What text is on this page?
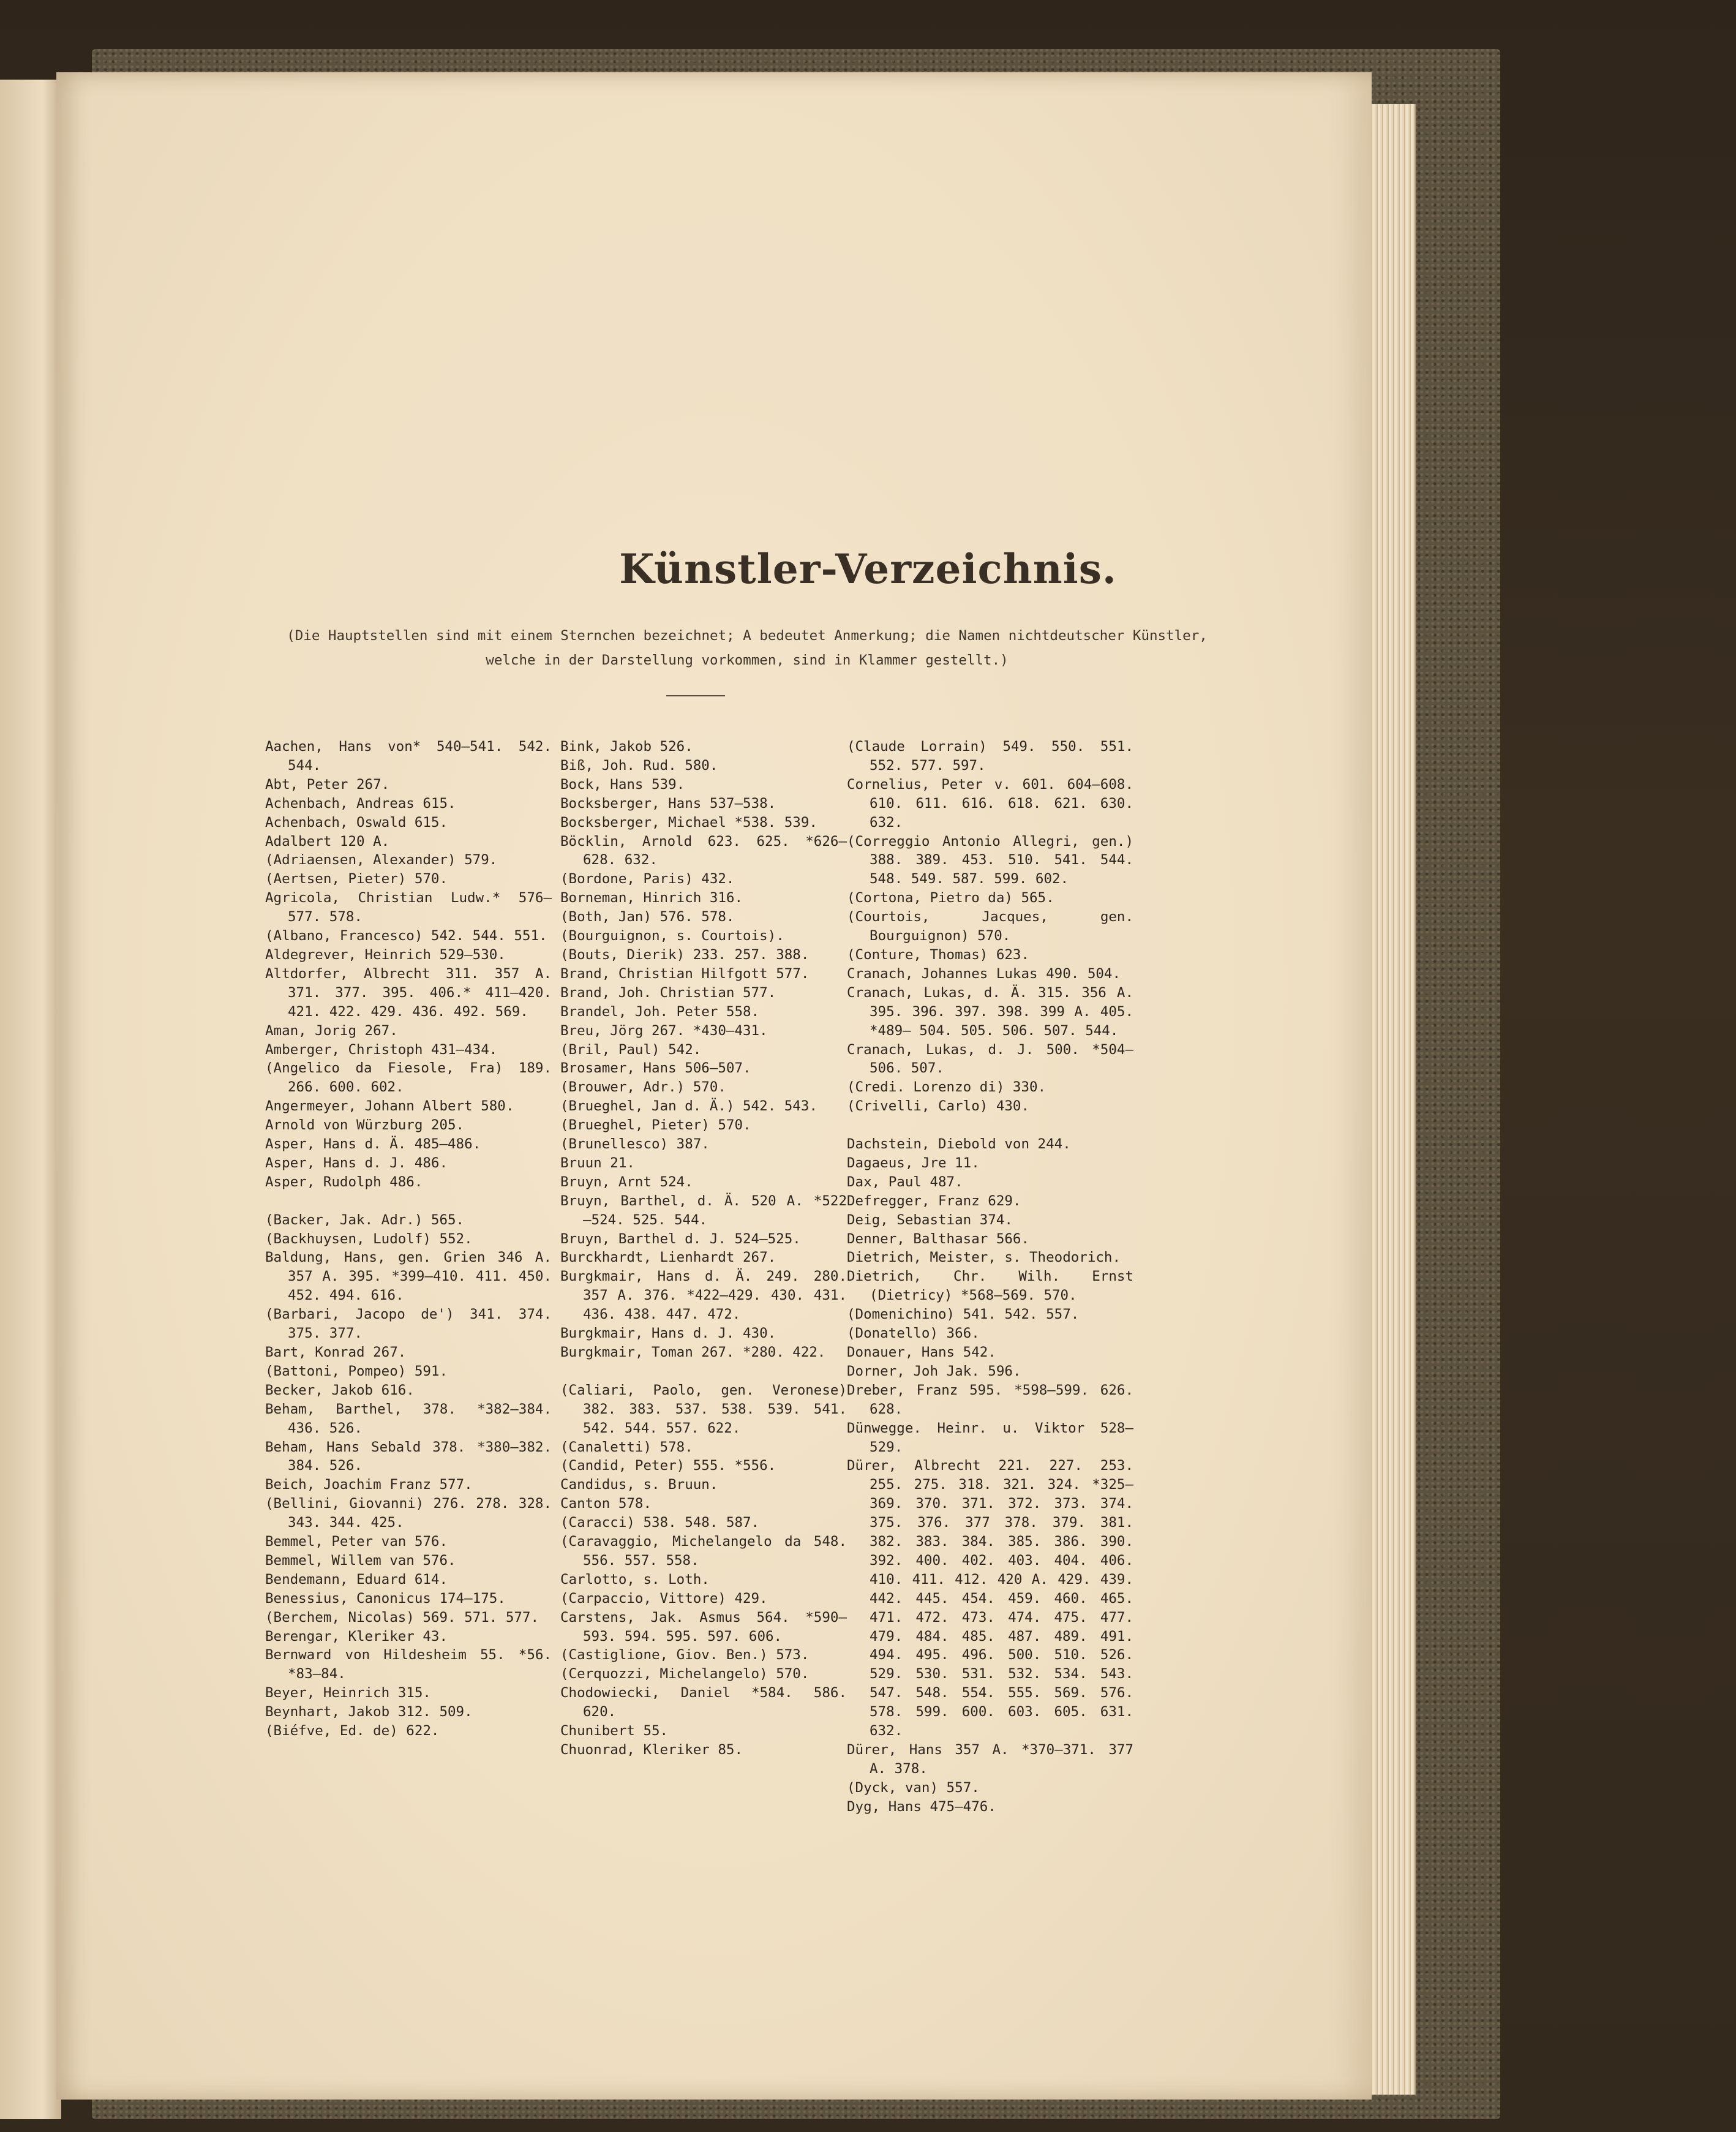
Künstler-Verzeichnis.
(Die Hauptstellen sind mit einem Sternchen bezeichnet; A bedeutet Anmerkung; die Namen nichtdeutscher Künstler,
welche in der Darstellung vorkommen, sind in Klammer gestellt.)
Aachen, Hans von* 540—541. 542. 544.
Abt, Peter 267.
Achenbach, Andreas 615.
Achenbach, Oswald 615.
Adalbert 120 A.
(Adriaensen, Alexander) 579.
(Aertsen, Pieter) 570.
Agricola, Christian Ludw.* 576—577. 578.
(Albano, Francesco) 542. 544. 551.
Aldegrever, Heinrich 529—530.
Altdorfer, Albrecht 311. 357 A. 371. 377. 395. 406.* 411—420. 421. 422. 429. 436. 492. 569.
Aman, Jorig 267.
Amberger, Christoph 431—434.
(Angelico da Fiesole, Fra) 189. 266. 600. 602.
Angermeyer, Johann Albert 580.
Arnold von Würzburg 205.
Asper, Hans d. Ä. 485—486.
Asper, Hans d. J. 486.
Asper, Rudolph 486.
(Backer, Jak. Adr.) 565.
(Backhuysen, Ludolf) 552.
Baldung, Hans, gen. Grien 346 A. 357 A. 395. *399—410. 411. 450. 452. 494. 616.
(Barbari, Jacopo de') 341. 374. 375. 377.
Bart, Konrad 267.
(Battoni, Pompeo) 591.
Becker, Jakob 616.
Beham, Barthel, 378. *382—384. 436. 526.
Beham, Hans Sebald 378. *380—382. 384. 526.
Beich, Joachim Franz 577.
(Bellini, Giovanni) 276. 278. 328. 343. 344. 425.
Bemmel, Peter van 576.
Bemmel, Willem van 576.
Bendemann, Eduard 614.
Benessius, Canonicus 174—175.
(Berchem, Nicolas) 569. 571. 577.
Berengar, Kleriker 43.
Bernward von Hildesheim 55. *56. *83—84.
Beyer, Heinrich 315.
Beynhart, Jakob 312. 509.
(Biéfve, Ed. de) 622.
Bink, Jakob 526.
Biß, Joh. Rud. 580.
Bock, Hans 539.
Bocksberger, Hans 537—538.
Bocksberger, Michael *538. 539.
Böcklin, Arnold 623. 625. *626—628. 632.
(Bordone, Paris) 432.
Borneman, Hinrich 316.
(Both, Jan) 576. 578.
(Bourguignon, s. Courtois).
(Bouts, Dierik) 233. 257. 388.
Brand, Christian Hilfgott 577.
Brand, Joh. Christian 577.
Brandel, Joh. Peter 558.
Breu, Jörg 267. *430—431.
(Bril, Paul) 542.
Brosamer, Hans 506—507.
(Brouwer, Adr.) 570.
(Brueghel, Jan d. Ä.) 542. 543.
(Brueghel, Pieter) 570.
(Brunellesco) 387.
Bruun 21.
Bruyn, Arnt 524.
Bruyn, Barthel, d. Ä. 520 A. *522 —524. 525. 544.
Bruyn, Barthel d. J. 524—525.
Burckhardt, Lienhardt 267.
Burgkmair, Hans d. Ä. 249. 280. 357 A. 376. *422—429. 430. 431. 436. 438. 447. 472.
Burgkmair, Hans d. J. 430.
Burgkmair, Toman 267. *280. 422.
(Caliari, Paolo, gen. Veronese) 382. 383. 537. 538. 539. 541. 542. 544. 557. 622.
(Canaletti) 578.
(Candid, Peter) 555. *556.
Candidus, s. Bruun.
Canton 578.
(Caracci) 538. 548. 587.
(Caravaggio, Michelangelo da 548. 556. 557. 558.
Carlotto, s. Loth.
(Carpaccio, Vittore) 429.
Carstens, Jak. Asmus 564. *590—593. 594. 595. 597. 606.
(Castiglione, Giov. Ben.) 573.
(Cerquozzi, Michelangelo) 570.
Chodowiecki, Daniel *584. 586. 620.
Chunibert 55.
Chuonrad, Kleriker 85.
(Claude Lorrain) 549. 550. 551. 552. 577. 597.
Cornelius, Peter v. 601. 604—608. 610. 611. 616. 618. 621. 630. 632.
(Correggio Antonio Allegri, gen.) 388. 389. 453. 510. 541. 544. 548. 549. 587. 599. 602.
(Cortona, Pietro da) 565.
(Courtois, Jacques, gen. Bourguignon) 570.
(Conture, Thomas) 623.
Cranach, Johannes Lukas 490. 504.
Cranach, Lukas, d. Ä. 315. 356 A. 395. 396. 397. 398. 399 A. 405. *489— 504. 505. 506. 507. 544.
Cranach, Lukas, d. J. 500. *504—506. 507.
(Credi. Lorenzo di) 330.
(Crivelli, Carlo) 430.
Dachstein, Diebold von 244.
Dagaeus, Jre 11.
Dax, Paul 487.
Defregger, Franz 629.
Deig, Sebastian 374.
Denner, Balthasar 566.
Dietrich, Meister, s. Theodorich.
Dietrich, Chr. Wilh. Ernst (Dietricy) *568—569. 570.
(Domenichino) 541. 542. 557.
(Donatello) 366.
Donauer, Hans 542.
Dorner, Joh Jak. 596.
Dreber, Franz 595. *598—599. 626. 628.
Dünwegge. Heinr. u. Viktor 528—529.
Dürer, Albrecht 221. 227. 253. 255. 275. 318. 321. 324. *325—369. 370. 371. 372. 373. 374. 375. 376. 377 378. 379. 381. 382. 383. 384. 385. 386. 390. 392. 400. 402. 403. 404. 406. 410. 411. 412. 420 A. 429. 439. 442. 445. 454. 459. 460. 465. 471. 472. 473. 474. 475. 477. 479. 484. 485. 487. 489. 491. 494. 495. 496. 500. 510. 526. 529. 530. 531. 532. 534. 543. 547. 548. 554. 555. 569. 576. 578. 599. 600. 603. 605. 631. 632.
Dürer, Hans 357 A. *370—371. 377 A. 378.
(Dyck, van) 557.
Dyg, Hans 475—476.
